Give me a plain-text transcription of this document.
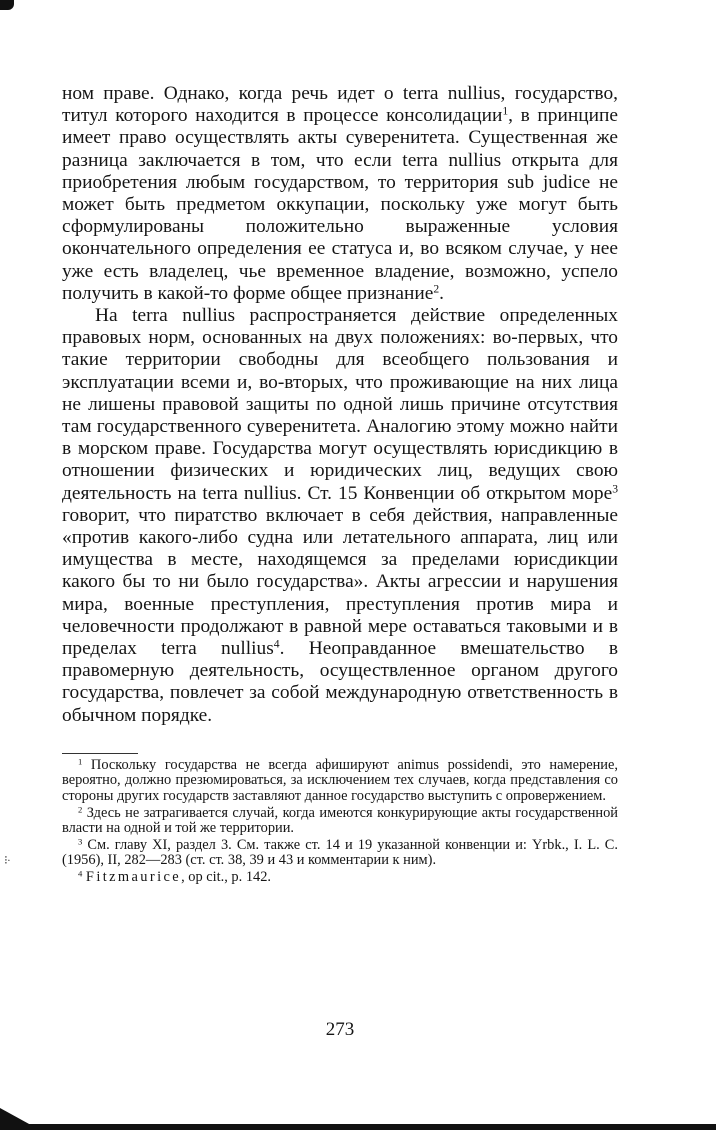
⁝·

ном праве. Однако, когда речь идет о terra nullius, государство, титул которого находится в процессе консолидации$^1$, в принципе имеет право осуществлять акты суверенитета. Существенная же разница заключается в том, что если terra nullius открыта для приобретения любым государством, то территория sub judice не может быть предметом оккупации, поскольку уже могут быть сформулированы положительно выраженные условия окончательного определения ее статуса и, во всяком случае, у нее уже есть владелец, чье временное владение, возможно, успело получить в какой-то форме общее признание$^2$.

На terra nullius распространяется действие определенных правовых норм, основанных на двух положениях: во-первых, что такие территории свободны для всеобщего пользования и эксплуатации всеми и, во-вторых, что проживающие на них лица не лишены правовой защиты по одной лишь причине отсутствия там государственного суверенитета. Аналогию этому можно найти в морском праве. Государства могут осуществлять юрисдикцию в отношении физических и юридических лиц, ведущих свою деятельность на terra nullius. Ст. 15 Конвенции об открытом море$^3$ говорит, что пиратство включает в себя действия, направленные «против какого-либо судна или летательного аппарата, лиц или имущества в месте, находящемся за пределами юрисдикции какого бы то ни было государства». Акты агрессии и нарушения мира, военные преступления, преступления против мира и человечности продолжают в равной мере оставаться таковыми и в пределах terra nullius$^4$. Неоправданное вмешательство в правомерную деятельность, осуществленное органом другого государства, повлечет за собой международную ответственность в обычном порядке.

$^1$ Поскольку государства не всегда афишируют animus possidendi, это намерение, вероятно, должно презюмироваться, за исключением тех случаев, когда представления со стороны других государств заставляют данное государство выступить с опровержением.

$^2$ Здесь не затрагивается случай, когда имеются конкурирующие акты государственной власти на одной и той же территории.

$^3$ См. главу XI, раздел 3. См. также ст. 14 и 19 указанной конвенции и: Yrbk., I. L. C. (1956), II, 282—283 (ст. ст. 38, 39 и 43 и комментарии к ним).

$^4$ Fitzmaurice, op cit., p. 142.

273
